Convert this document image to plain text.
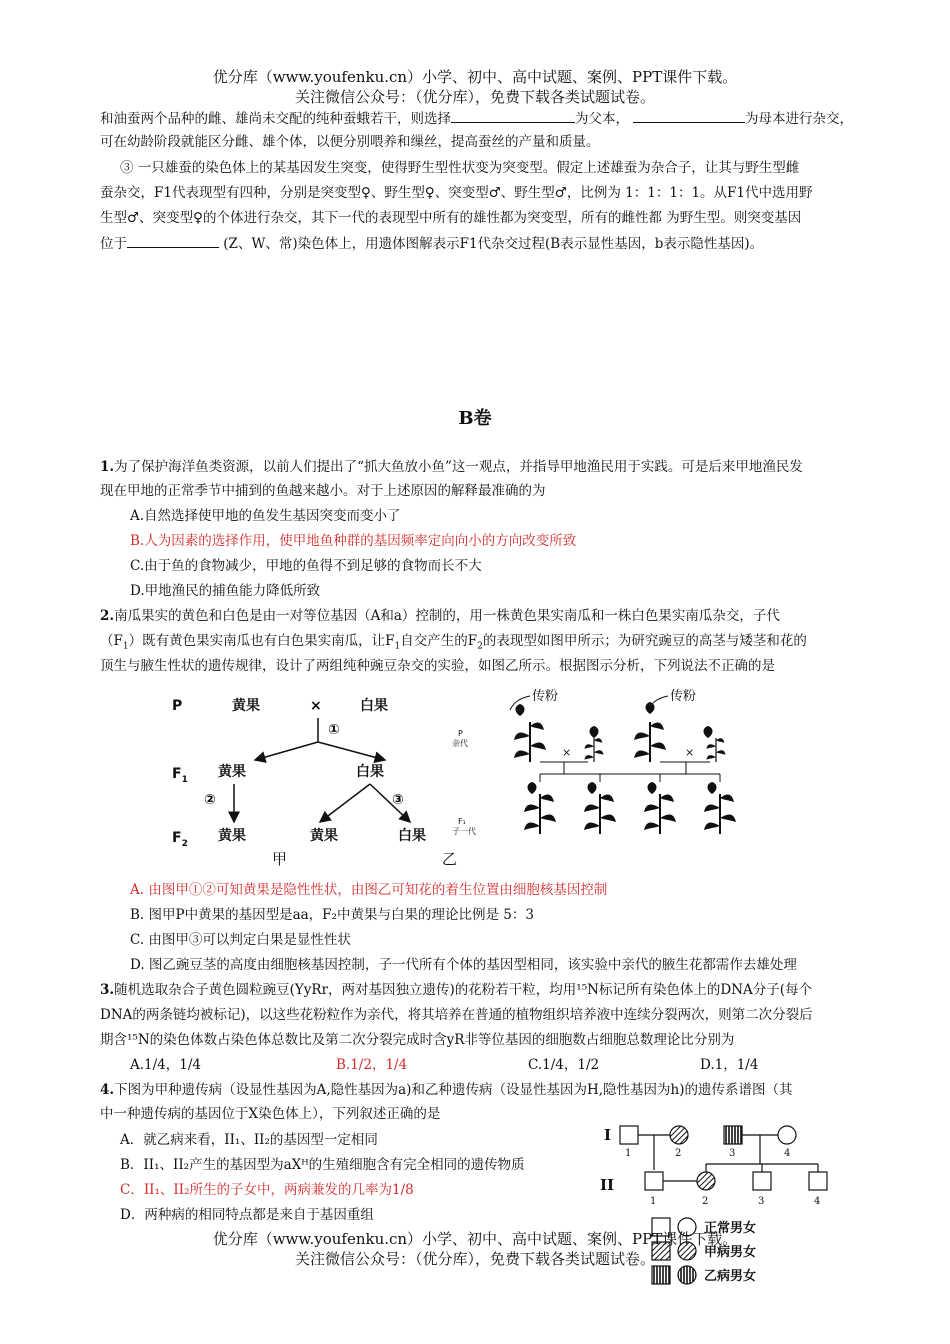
优分库（www.youfenku.cn）小学、初中、高中试题、案例、PPT课件下载。
关注微信公众号：（优分库），免费下载各类试题试卷。
和油蚕两个品种的雌、雄尚未交配的纯种蚕蛾若干，则选择	为父本，	为母本进行杂交，
可在幼龄阶段就能区分雌、雄个体，以便分别喂养和缫丝，提高蚕丝的产量和质量。
③ 一只雄蚕的染色体上的某基因发生突变，使得野生型性状变为突变型。假定上述雄蚕为杂合子，让其与野生型雌
蚕杂交，F1代表现型有四种，分别是突变型♀、野生型♀、突变型♂、野生型♂，比例为 1：1：1：1。从F1代中选用野
生型♂、突变型♀的个体进行杂交，其下一代的表现型中所有的雄性都为突变型，所有的雌性都 为野生型。则突变基因
位于	(Z、W、常)染色体上，用遗体图解表示F1代杂交过程(B表示显性基因，b表示隐性基因)。
B卷
1.为了保护海洋鱼类资源，以前人们提出了“抓大鱼放小鱼”这一观点，并指导甲地渔民用于实践。可是后来甲地渔民发
现在甲地的正常季节中捕到的鱼越来越小。对于上述原因的解释最准确的为
A.自然选择使甲地的鱼发生基因突变而变小了
B.人为因素的选择作用，使甲地鱼种群的基因频率定向向小的方向改变所致
C.由于鱼的食物减少，甲地的鱼得不到足够的食物而长不大
D.甲地渔民的捕鱼能力降低所致
2.南瓜果实的黄色和白色是由一对等位基因（A和a）控制的，用一株黄色果实南瓜和一株白色果实南瓜杂交，子代
$(F_1)$既有黄色果实南瓜也有白色果实南瓜，让$F_1$自交产生的$F_2$的表现型如图甲所示；为研究豌豆的高茎与矮茎和花的
顶生与腋生性状的遗传规律，设计了两组纯种豌豆杂交的实验，如图乙所示。根据图示分析，下列说法不正确的是
P	黄果	×	白果
①
$F_1$ 黄果	白果
②	③
$F_2$ 黄果	黄果	白果
甲
传粉	传粉
P
亲代
×	×
F₁
子一代
乙
A. 由图甲①②可知黄果是隐性性状，由图乙可知花的着生位置由细胞核基因控制
B. 图甲P中黄果的基因型是aa，F₂中黄果与白果的理论比例是 5：3
C. 由图甲③可以判定白果是显性性状
D. 图乙豌豆茎的高度由细胞核基因控制，子一代所有个体的基因型相同，该实验中亲代的腋生花都需作去雄处理
3.随机选取杂合子黄色圆粒豌豆(YyRr，两对基因独立遗传)的花粉若干粒，均用¹⁵N标记所有染色体上的DNA分子(每个
DNA的两条链均被标记)，以这些花粉粒作为亲代，将其培养在普通的植物组织培养液中连续分裂两次，则第二次分裂后
期含¹⁵N的染色体数占染色体总数比及第二次分裂完成时含yR非等位基因的细胞数占细胞总数理论比分别为
A.1/4，1/4	B.1/2，1/4	C.1/4，1/2	D.1，1/4
4.下图为甲种遗传病（设显性基因为A,隐性基因为a)和乙种遗传病（设显性基因为H,隐性基因为h)的遗传系谱图（其
中一种遗传病的基因位于X染色体上），下列叙述正确的是
A．就乙病来看，II₁、II₂的基因型一定相同
B．II₁、II₂产生的基因型为aXᴴ的生殖细胞含有完全相同的遗传物质
C．II₁、II₂所生的子女中，两病兼发的几率为1/8
D．两种病的相同特点都是来自于基因重组
I
II
1	2	3	4
1	2	3	4
正常男女
甲病男女
乙病男女
优分库（www.youfenku.cn）小学、初中、高中试题、案例、PPT课件下载。
关注微信公众号：（优分库），免费下载各类试题试卷。
